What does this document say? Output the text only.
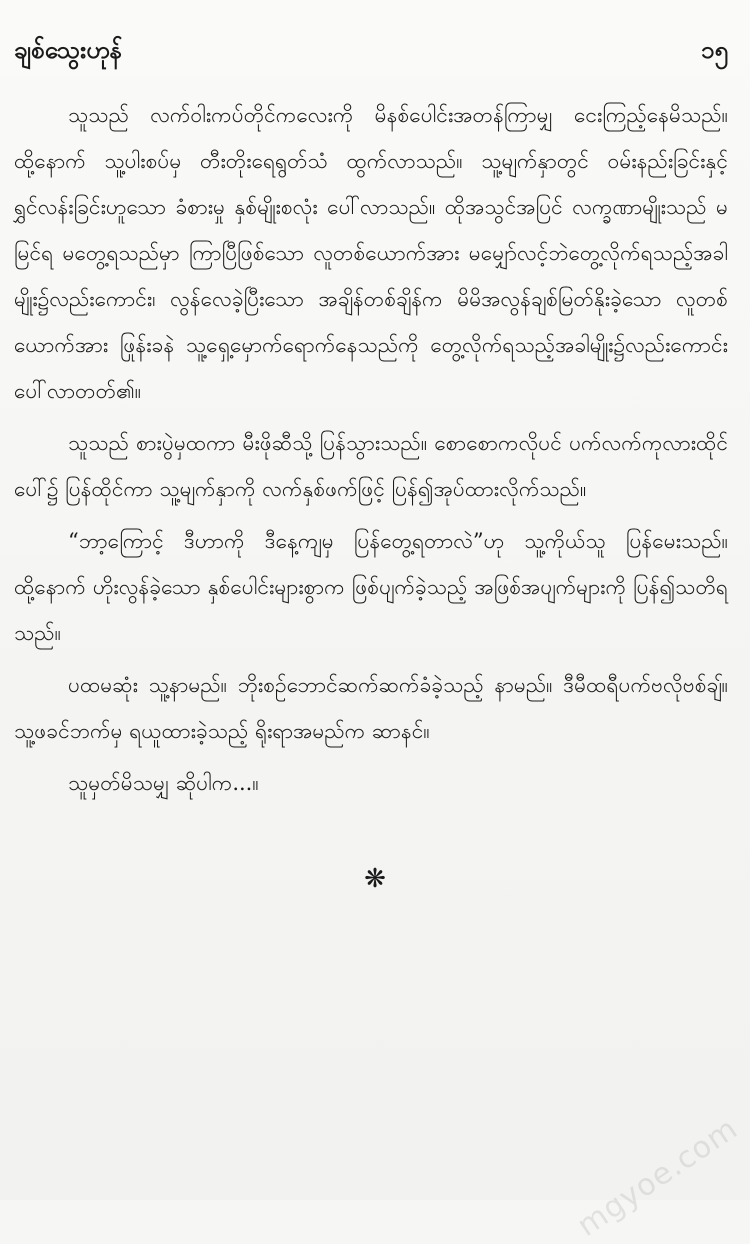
ချစ်သွေးဟုန်	၁၅

သူသည် လက်ဝါးကပ်တိုင်ကလေးကို မိနစ်ပေါင်းအတန်ကြာမျှ ငေးကြည့်နေမိသည်။ ထို့နောက် သူ့ပါးစပ်မှ တီးတိုးရေရွတ်သံ ထွက်လာသည်။ သူ့မျက်နှာတွင် ဝမ်းနည်းခြင်းနှင့် ရွှင်လန်းခြင်းဟူသော ခံစားမှု နှစ်မျိုးစလုံး ပေါ်လာသည်။ ထိုအသွင်အပြင် လက္ခဏာမျိုးသည် မမြင်ရ မတွေ့ရသည်မှာ ကြာပြီဖြစ်သော လူတစ်ယောက်အား မမျှော်လင့်ဘဲတွေ့လိုက်ရသည့်အခါမျိုး၌လည်းကောင်း၊ လွန်လေခဲ့ပြီးသော အချိန်တစ်ချိန်က မိမိအလွန်ချစ်မြတ်နိုးခဲ့သော လူတစ်ယောက်အား ဖြုန်းခနဲ သူ့ရှေ့မှောက်ရောက်နေသည်ကို တွေ့လိုက်ရသည့်အခါမျိုး၌လည်းကောင်း ပေါ်လာတတ်၏။

သူသည် စားပွဲမှထကာ မီးဖိုဆီသို့ ပြန်သွားသည်။ စောစောကလိုပင် ပက်လက်ကုလားထိုင်ပေါ်၌ ပြန်ထိုင်ကာ သူ့မျက်နှာကို လက်နှစ်ဖက်ဖြင့် ပြန်၍အုပ်ထားလိုက်သည်။

“ဘာ့ကြောင့် ဒီဟာကို ဒီနေ့ကျမှ ပြန်တွေ့ရတာလဲ”ဟု သူ့ကိုယ်သူ ပြန်မေးသည်။ ထို့နောက် ဟိုးလွန်ခဲ့သော နှစ်ပေါင်းများစွာက ဖြစ်ပျက်ခဲ့သည့် အဖြစ်အပျက်များကို ပြန်၍သတိရသည်။

ပထမဆုံး သူ့နာမည်။ ဘိုးစဉ်ဘောင်ဆက်ဆက်ခံခဲ့သည့် နာမည်။ ဒီမီထရီပက်ဗလိုဗစ်ချ်။ သူ့ဖခင်ဘက်မှ ရယူထားခဲ့သည့် ရိုးရာအမည်က ဆာနင်။

သူမှတ်မိသမျှ ဆိုပါက...။

❋
mgyoe.com
